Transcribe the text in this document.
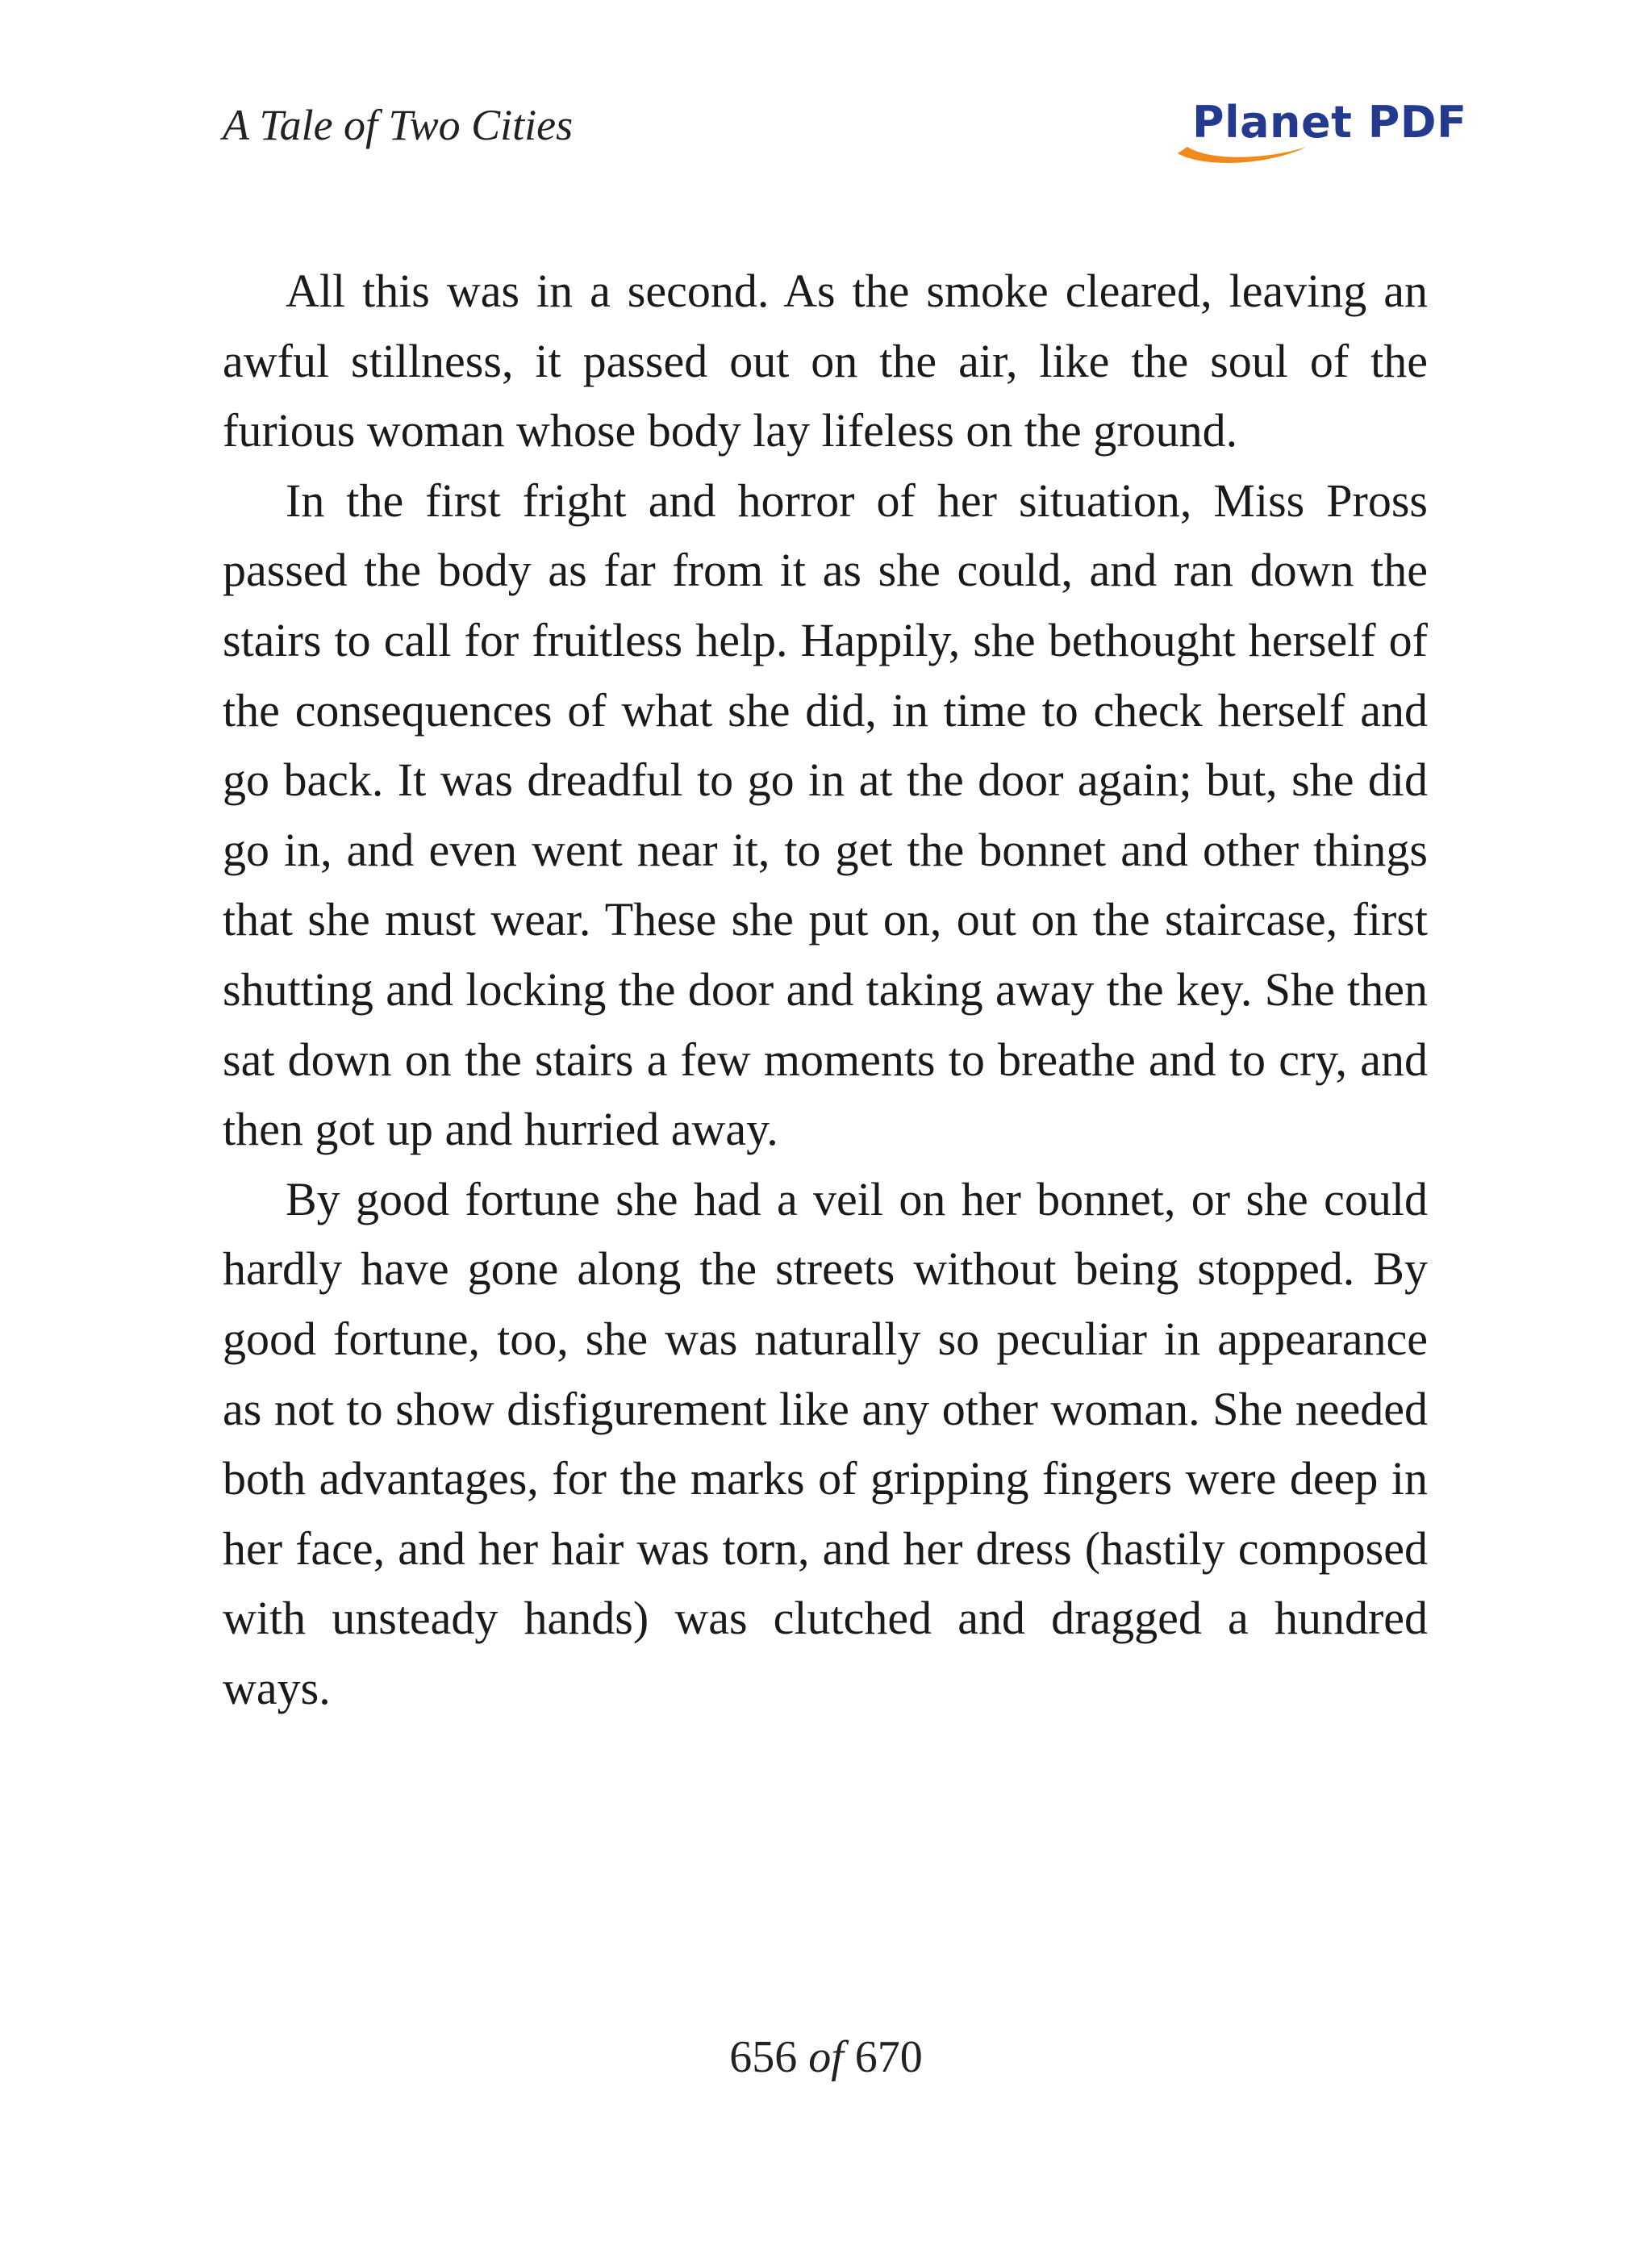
A Tale of Two Cities	Planet PDF

All this was in a second. As the smoke cleared, leaving an awful stillness, it passed out on the air, like the soul of the furious woman whose body lay lifeless on the ground.

In the first fright and horror of her situation, Miss Pross passed the body as far from it as she could, and ran down the stairs to call for fruitless help. Happily, she bethought herself of the consequences of what she did, in time to check herself and go back. It was dreadful to go in at the door again; but, she did go in, and even went near it, to get the bonnet and other things that she must wear. These she put on, out on the staircase, first shutting and locking the door and taking away the key. She then sat down on the stairs a few moments to breathe and to cry, and then got up and hurried away.

By good fortune she had a veil on her bonnet, or she could hardly have gone along the streets without being stopped. By good fortune, too, she was naturally so peculiar in appearance as not to show disfigurement like any other woman. She needed both advantages, for the marks of gripping fingers were deep in her face, and her hair was torn, and her dress (hastily composed with unsteady hands) was clutched and dragged a hundred ways.

656 of 670
